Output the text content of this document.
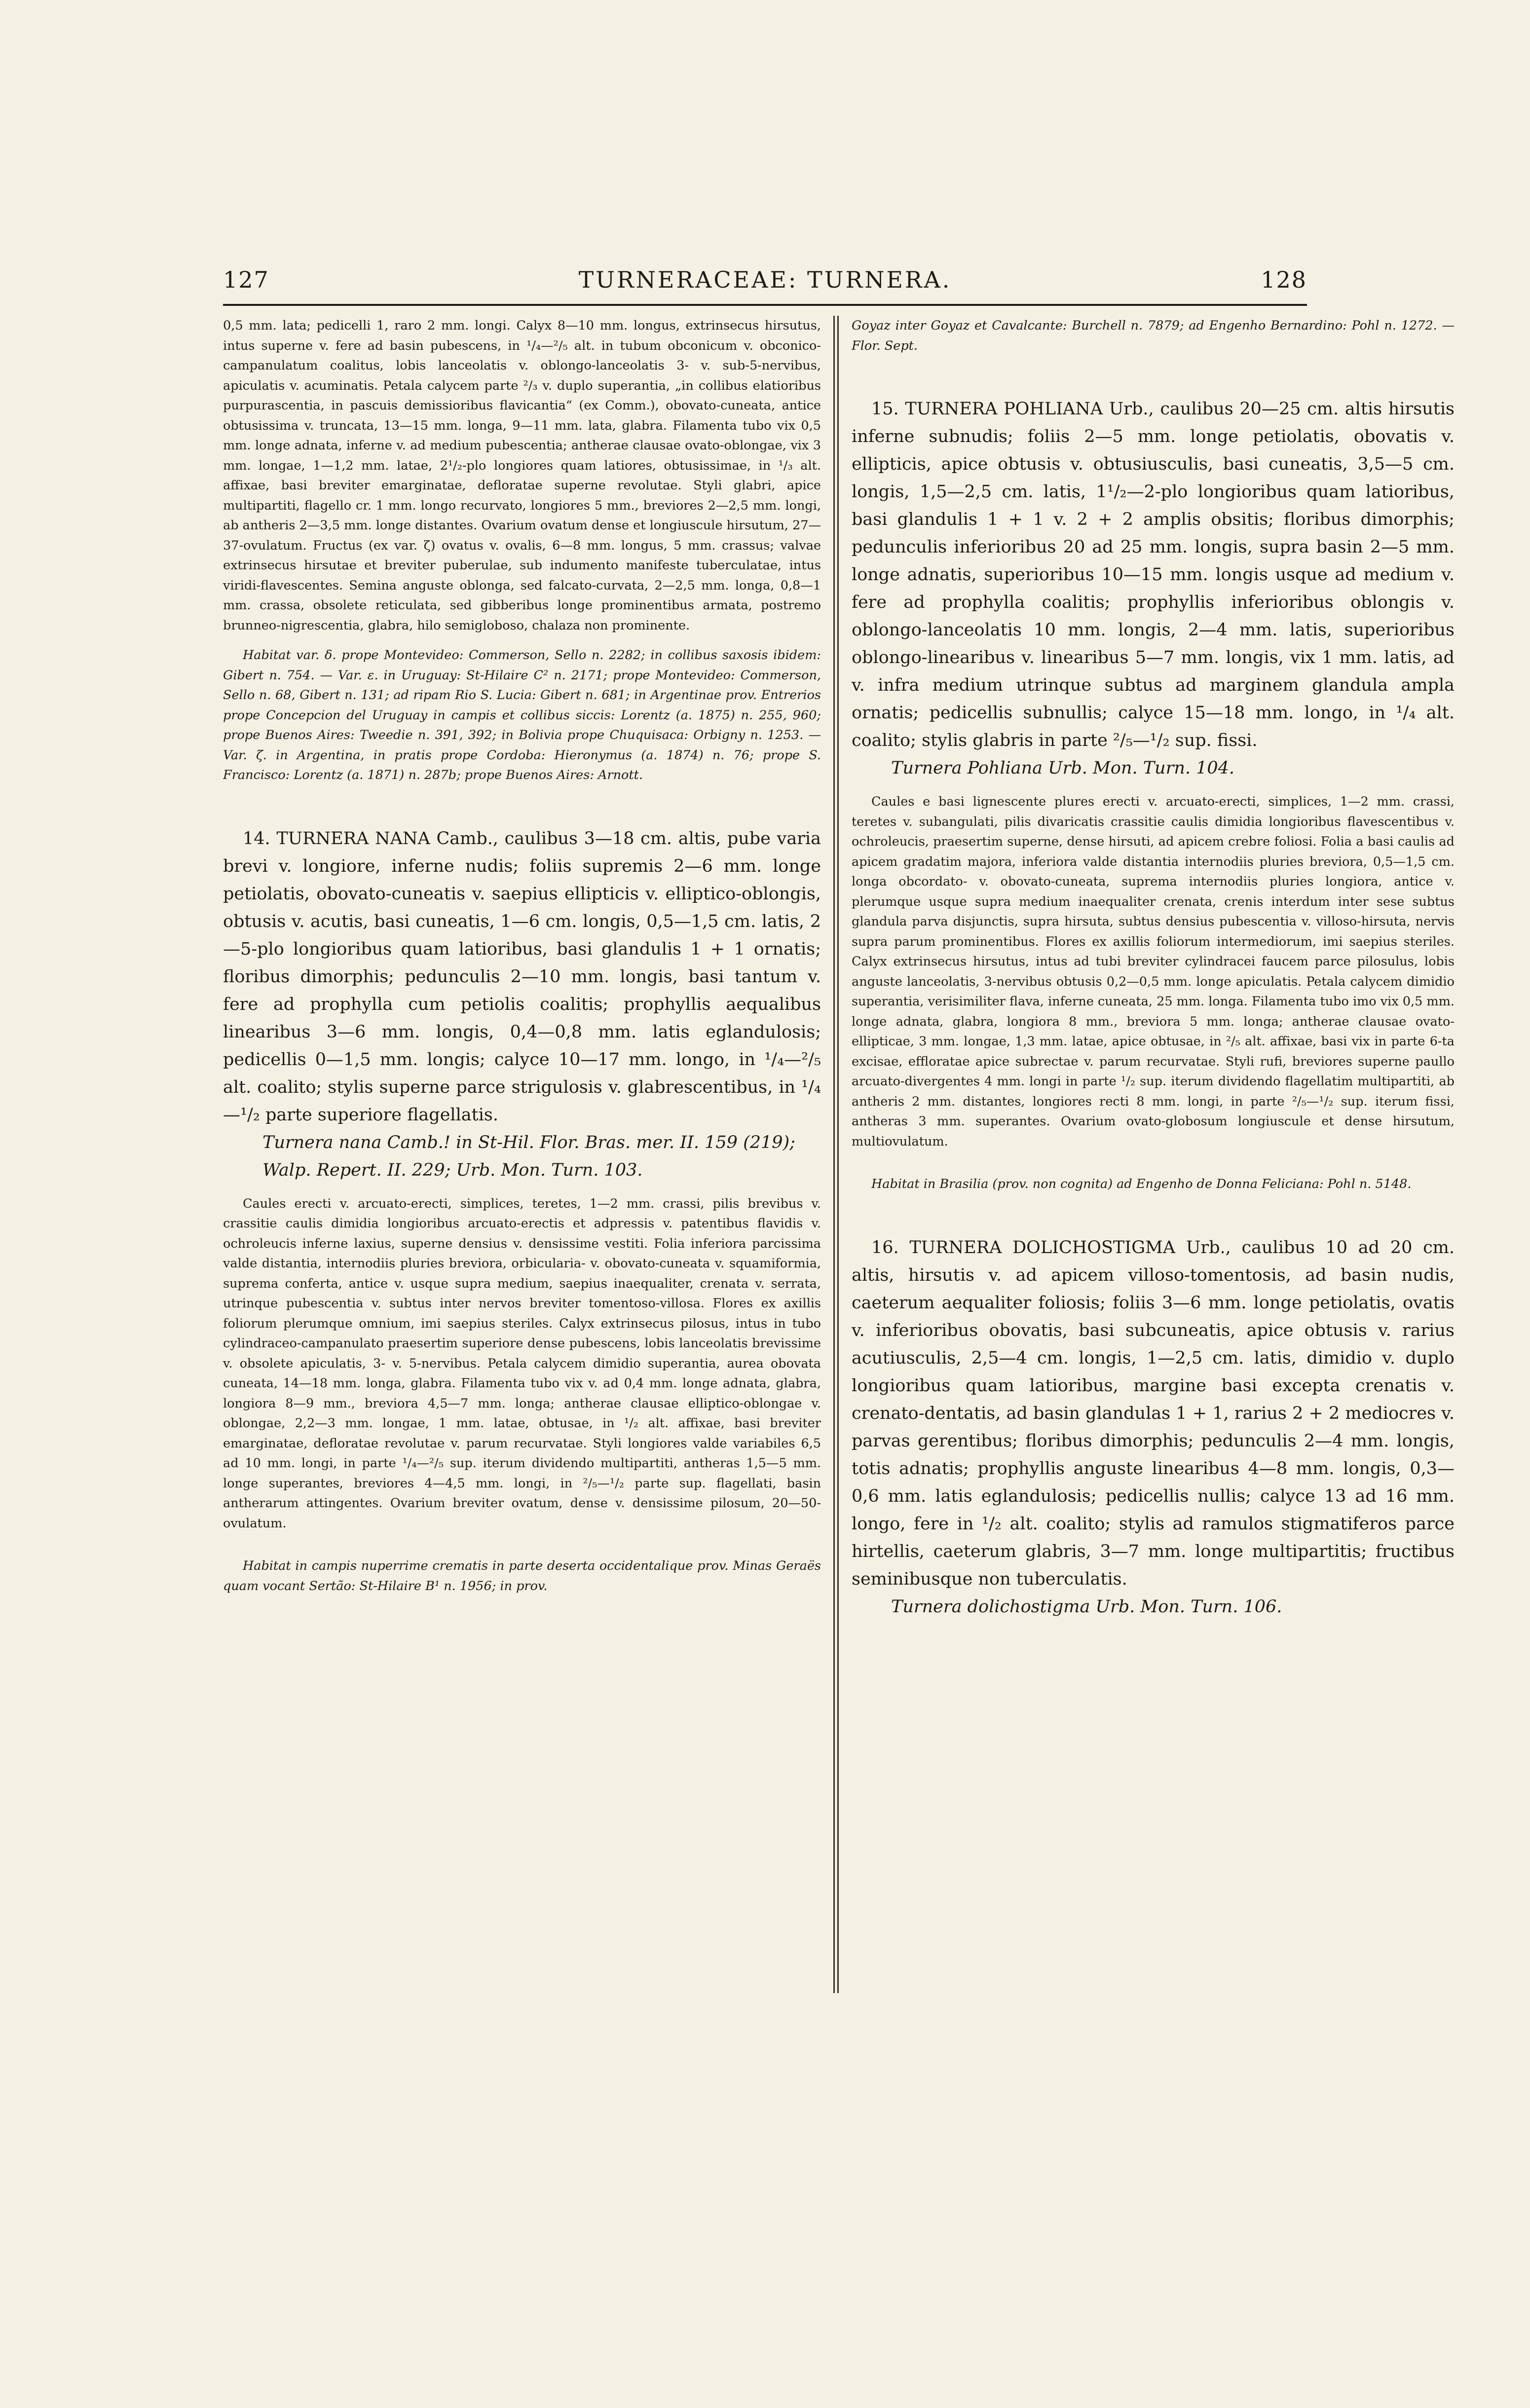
127	TURNERACEAE: TURNERA.	128

0,5 mm. lata; pedicelli 1, raro 2 mm. longi. Calyx 8—10 mm. longus, extrinsecus hirsutus, intus superne v. fere ad basin pubescens, in ¹/₄—²/₅ alt. in tubum obconicum v. obconico-campanulatum coalitus, lobis lanceolatis v. oblongo-lanceolatis 3- v. sub-5-nervibus, apiculatis v. acuminatis. Petala calycem parte ²/₃ v. duplo superantia, „in collibus elatioribus purpurascentia, in pascuis demissioribus flavicantia“ (ex Comm.), obovato-cuneata, antice obtusissima v. truncata, 13—15 mm. longa, 9—11 mm. lata, glabra. Filamenta tubo vix 0,5 mm. longe adnata, inferne v. ad medium pubescentia; antherae clausae ovato-oblongae, vix 3 mm. longae, 1—1,2 mm. latae, 2¹/₂-plo longiores quam latiores, obtusissimae, in ¹/₃ alt. affixae, basi breviter emarginatae, defloratae superne revolutae. Styli glabri, apice multipartiti, flagello cr. 1 mm. longo recurvato, longiores 5 mm., breviores 2—2,5 mm. longi, ab antheris 2—3,5 mm. longe distantes. Ovarium ovatum dense et longiuscule hirsutum, 27—37-ovulatum. Fructus (ex var. ζ) ovatus v. ovalis, 6—8 mm. longus, 5 mm. crassus; valvae extrinsecus hirsutae et breviter puberulae, sub indumento manifeste tuberculatae, intus viridi-flavescentes. Semina anguste oblonga, sed falcato-curvata, 2—2,5 mm. longa, 0,8—1 mm. crassa, obsolete reticulata, sed gibberibus longe prominentibus armata, postremo brunneo-nigrescentia, glabra, hilo semigloboso, chalaza non prominente.

Habitat var. δ. prope Montevideo: Commerson, Sello n. 2282; in collibus saxosis ibidem: Gibert n. 754. — Var. ε. in Uruguay: St-Hilaire C² n. 2171; prope Montevideo: Commerson, Sello n. 68, Gibert n. 131; ad ripam Rio S. Lucia: Gibert n. 681; in Argentinae prov. Entrerios prope Concepcion del Uruguay in campis et collibus siccis: Lorentz (a. 1875) n. 255, 960; prope Buenos Aires: Tweedie n. 391, 392; in Bolivia prope Chuquisaca: Orbigny n. 1253. — Var. ζ. in Argentina, in pratis prope Cordoba: Hieronymus (a. 1874) n. 76; prope S. Francisco: Lorentz (a. 1871) n. 287b; prope Buenos Aires: Arnott.

14. TURNERA NANA Camb., caulibus 3—18 cm. altis, pube varia brevi v. longiore, inferne nudis; foliis supremis 2—6 mm. longe petiolatis, obovato-cuneatis v. saepius ellipticis v. elliptico-oblongis, obtusis v. acutis, basi cuneatis, 1—6 cm. longis, 0,5—1,5 cm. latis, 2—5-plo longioribus quam latioribus, basi glandulis 1 + 1 ornatis; floribus dimorphis; pedunculis 2—10 mm. longis, basi tantum v. fere ad prophylla cum petiolis coalitis; prophyllis aequalibus linearibus 3—6 mm. longis, 0,4—0,8 mm. latis eglandulosis; pedicellis 0—1,5 mm. longis; calyce 10—17 mm. longo, in ¹/₄—²/₅ alt. coalito; stylis superne parce strigulosis v. glabrescentibus, in ¹/₄—¹/₂ parte superiore flagellatis.

Turnera nana Camb.! in St-Hil. Flor. Bras. mer. II. 159 (219); Walp. Repert. II. 229; Urb. Mon. Turn. 103.

Caules erecti v. arcuato-erecti, simplices, teretes, 1—2 mm. crassi, pilis brevibus v. crassitie caulis dimidia longioribus arcuato-erectis et adpressis v. patentibus flavidis v. ochroleucis inferne laxius, superne densius v. densissime vestiti. Folia inferiora parcissima valde distantia, internodiis pluries breviora, orbicularia- v. obovato-cuneata v. squamiformia, suprema conferta, antice v. usque supra medium, saepius inaequaliter, crenata v. serrata, utrinque pubescentia v. subtus inter nervos breviter tomentoso-villosa. Flores ex axillis foliorum plerumque omnium, imi saepius steriles. Calyx extrinsecus pilosus, intus in tubo cylindraceo-campanulato praesertim superiore dense pubescens, lobis lanceolatis brevissime v. obsolete apiculatis, 3- v. 5-nervibus. Petala calycem dimidio superantia, aurea obovata cuneata, 14—18 mm. longa, glabra. Filamenta tubo vix v. ad 0,4 mm. longe adnata, glabra, longiora 8—9 mm., breviora 4,5—7 mm. longa; antherae clausae elliptico-oblongae v. oblongae, 2,2—3 mm. longae, 1 mm. latae, obtusae, in ¹/₂ alt. affixae, basi breviter emarginatae, defloratae revolutae v. parum recurvatae. Styli longiores valde variabiles 6,5 ad 10 mm. longi, in parte ¹/₄—²/₅ sup. iterum dividendo multipartiti, antheras 1,5—5 mm. longe superantes, breviores 4—4,5 mm. longi, in ²/₅—¹/₂ parte sup. flagellati, basin antherarum attingentes. Ovarium breviter ovatum, dense v. densissime pilosum, 20—50-ovulatum.

Habitat in campis nuperrime crematis in parte deserta occidentalique prov. Minas Geraës quam vocant Sertão: St-Hilaire B¹ n. 1956; in prov.

Goyaz inter Goyaz et Cavalcante: Burchell n. 7879; ad Engenho Bernardino: Pohl n. 1272. — Flor. Sept.

15. TURNERA POHLIANA Urb., caulibus 20—25 cm. altis hirsutis inferne subnudis; foliis 2—5 mm. longe petiolatis, obovatis v. ellipticis, apice obtusis v. obtusiusculis, basi cuneatis, 3,5—5 cm. longis, 1,5—2,5 cm. latis, 1¹/₂—2-plo longioribus quam latioribus, basi glandulis 1 + 1 v. 2 + 2 amplis obsitis; floribus dimorphis; pedunculis inferioribus 20 ad 25 mm. longis, supra basin 2—5 mm. longe adnatis, superioribus 10—15 mm. longis usque ad medium v. fere ad prophylla coalitis; prophyllis inferioribus oblongis v. oblongo-lanceolatis 10 mm. longis, 2—4 mm. latis, superioribus oblongo-linearibus v. linearibus 5—7 mm. longis, vix 1 mm. latis, ad v. infra medium utrinque subtus ad marginem glandula ampla ornatis; pedicellis subnullis; calyce 15—18 mm. longo, in ¹/₄ alt. coalito; stylis glabris in parte ²/₅—¹/₂ sup. fissi.

Turnera Pohliana Urb. Mon. Turn. 104.

Caules e basi lignescente plures erecti v. arcuato-erecti, simplices, 1—2 mm. crassi, teretes v. subangulati, pilis divaricatis crassitie caulis dimidia longioribus flavescentibus v. ochroleucis, praesertim superne, dense hirsuti, ad apicem crebre foliosi. Folia a basi caulis ad apicem gradatim majora, inferiora valde distantia internodiis pluries breviora, 0,5—1,5 cm. longa obcordato- v. obovato-cuneata, suprema internodiis pluries longiora, antice v. plerumque usque supra medium inaequaliter crenata, crenis interdum inter sese subtus glandula parva disjunctis, supra hirsuta, subtus densius pubescentia v. villoso-hirsuta, nervis supra parum prominentibus. Flores ex axillis foliorum intermediorum, imi saepius steriles. Calyx extrinsecus hirsutus, intus ad tubi breviter cylindracei faucem parce pilosulus, lobis anguste lanceolatis, 3-nervibus obtusis 0,2—0,5 mm. longe apiculatis. Petala calycem dimidio superantia, verisimiliter flava, inferne cuneata, 25 mm. longa. Filamenta tubo imo vix 0,5 mm. longe adnata, glabra, longiora 8 mm., breviora 5 mm. longa; antherae clausae ovato-ellipticae, 3 mm. longae, 1,3 mm. latae, apice obtusae, in ²/₅ alt. affixae, basi vix in parte 6-ta excisae, effloratae apice subrectae v. parum recurvatae. Styli rufi, breviores superne paullo arcuato-divergentes 4 mm. longi in parte ¹/₂ sup. iterum dividendo flagellatim multipartiti, ab antheris 2 mm. distantes, longiores recti 8 mm. longi, in parte ²/₅—¹/₂ sup. iterum fissi, antheras 3 mm. superantes. Ovarium ovato-globosum longiuscule et dense hirsutum, multiovulatum.

Habitat in Brasilia (prov. non cognita) ad Engenho de Donna Feliciana: Pohl n. 5148.

16. TURNERA DOLICHOSTIGMA Urb., caulibus 10 ad 20 cm. altis, hirsutis v. ad apicem villoso-tomentosis, ad basin nudis, caeterum aequaliter foliosis; foliis 3—6 mm. longe petiolatis, ovatis v. inferioribus obovatis, basi subcuneatis, apice obtusis v. rarius acutiusculis, 2,5—4 cm. longis, 1—2,5 cm. latis, dimidio v. duplo longioribus quam latioribus, margine basi excepta crenatis v. crenato-dentatis, ad basin glandulas 1 + 1, rarius 2 + 2 mediocres v. parvas gerentibus; floribus dimorphis; pedunculis 2—4 mm. longis, totis adnatis; prophyllis anguste linearibus 4—8 mm. longis, 0,3—0,6 mm. latis eglandulosis; pedicellis nullis; calyce 13 ad 16 mm. longo, fere in ¹/₂ alt. coalito; stylis ad ramulos stigmatiferos parce hirtellis, caeterum glabris, 3—7 mm. longe multipartitis; fructibus seminibusque non tuberculatis.

Turnera dolichostigma Urb. Mon. Turn. 106.
